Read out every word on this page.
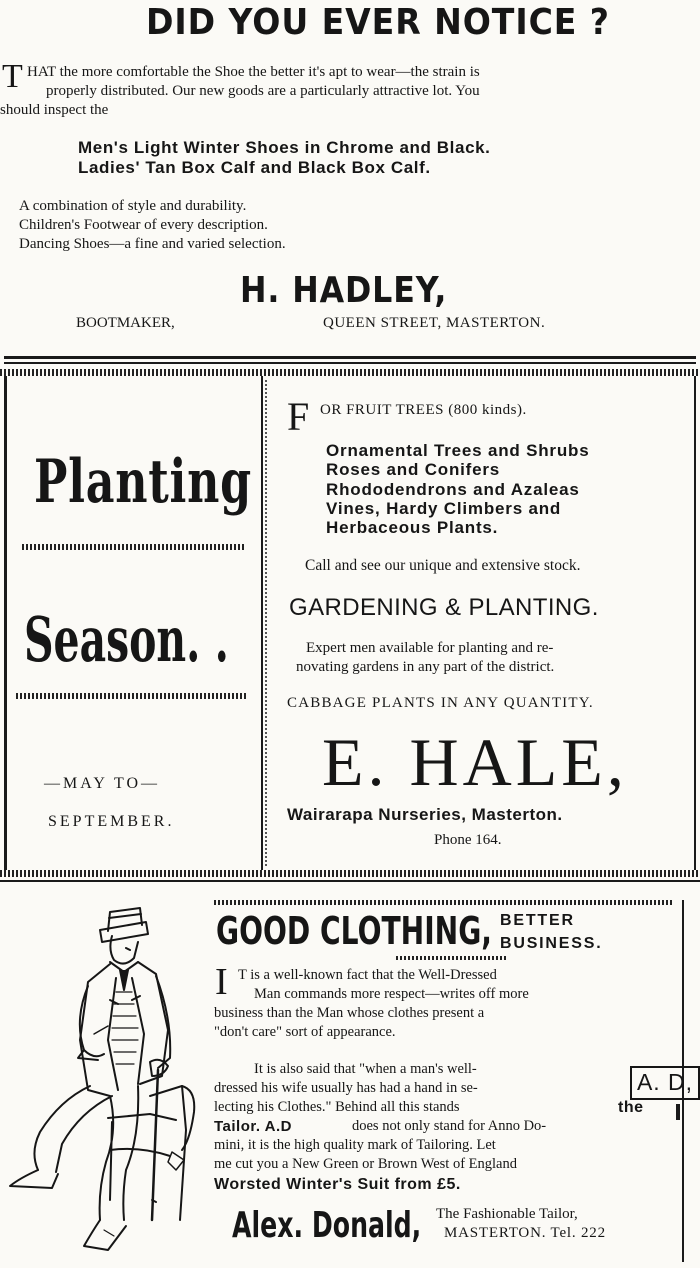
DID YOU EVER NOTICE ?
T HAT the more comfortable the Shoe the better it's apt to wear—the strain is
properly distributed. Our new goods are a particularly attractive lot. You
should inspect the
Men's Light Winter Shoes in Chrome and Black.
Ladies' Tan Box Calf and Black Box Calf.
A combination of style and durability.
Children's Footwear of every description.
Dancing Shoes—a fine and varied selection.
H. HADLEY,
BOOTMAKER,	QUEEN STREET, MASTERTON.
Planting
Season. .
—MAY TO—
SEPTEMBER.
F OR FRUIT TREES (800 kinds).
Ornamental Trees and Shrubs
Roses and Conifers
Rhododendrons and Azaleas
Vines, Hardy Climbers and
Herbaceous Plants.
Call and see our unique and extensive stock.
GARDENING & PLANTING.
Expert men available for planting and re-
novating gardens in any part of the district.
CABBAGE PLANTS IN ANY QUANTITY.
E. HALE,
Wairarapa Nurseries, Masterton.
Phone 164.
GOOD CLOTHING, BETTER
BUSINESS.
I T is a well-known fact that the Well-Dressed
Man commands more respect—writes off more
business than the Man whose clothes present a
"don't care" sort of appearance.
It is also said that "when a man's well-
dressed his wife usually has had a hand in se-
lecting his Clothes." Behind all this stands	the
Tailor. A.D	does not only stand for Anno Do-
mini, it is the high quality mark of Tailoring. Let
me cut you a New Green or Brown West of England
Worsted Winter's Suit from £5.
A. D,
Alex. Donald, The Fashionable Tailor,
MASTERTON. Tel. 222
